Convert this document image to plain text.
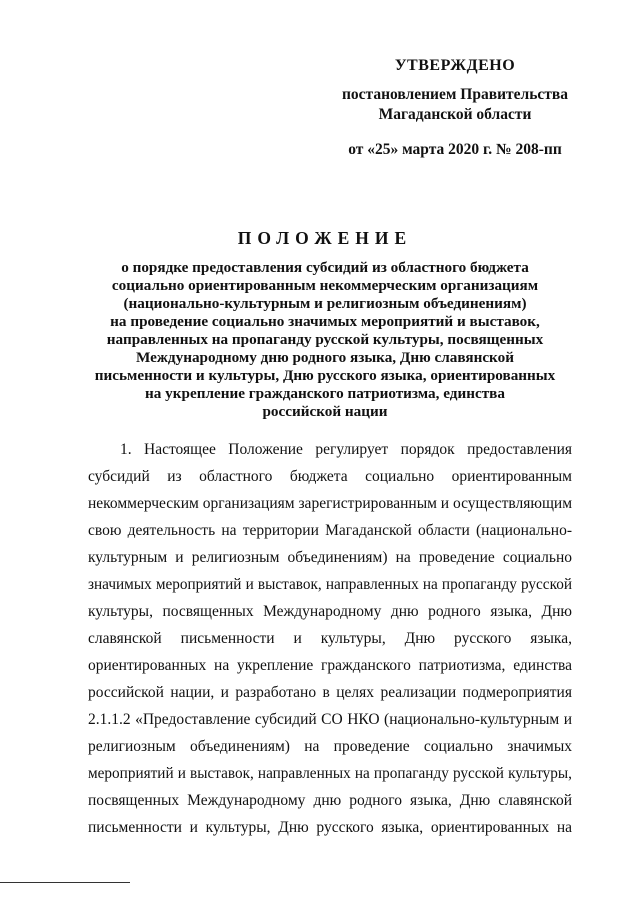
УТВЕРЖДЕНО
постановлением Правительства
Магаданской области
от «25» марта 2020 г. № 208-пп
ПОЛОЖЕНИЕ
о порядке предоставления субсидий из областного бюджета
социально ориентированным некоммерческим организациям
(национально-культурным и религиозным объединениям)
на проведение социально значимых мероприятий и выставок,
направленных на пропаганду русской культуры, посвященных
Международному дню родного языка, Дню славянской
письменности и культуры, Дню русского языка, ориентированных
на укрепление гражданского патриотизма, единства
российской нации
1. Настоящее Положение регулирует порядок предоставления
субсидий из областного бюджета социально ориентированным
некоммерческим организациям зарегистрированным и осуществляющим
свою деятельность на территории Магаданской области (национально-
культурным и религиозным объединениям) на проведение социально
значимых мероприятий и выставок, направленных на пропаганду русской
культуры, посвященных Международному дню родного языка, Дню
славянской письменности и культуры, Дню русского языка,
ориентированных на укрепление гражданского патриотизма, единства
российской нации, и разработано в целях реализации подмероприятия
2.1.1.2 «Предоставление субсидий СО НКО (национально-культурным и
религиозным объединениям) на проведение социально значимых
мероприятий и выставок, направленных на пропаганду русской культуры,
посвященных Международному дню родного языка, Дню славянской
письменности и культуры, Дню русского языка, ориентированных на
